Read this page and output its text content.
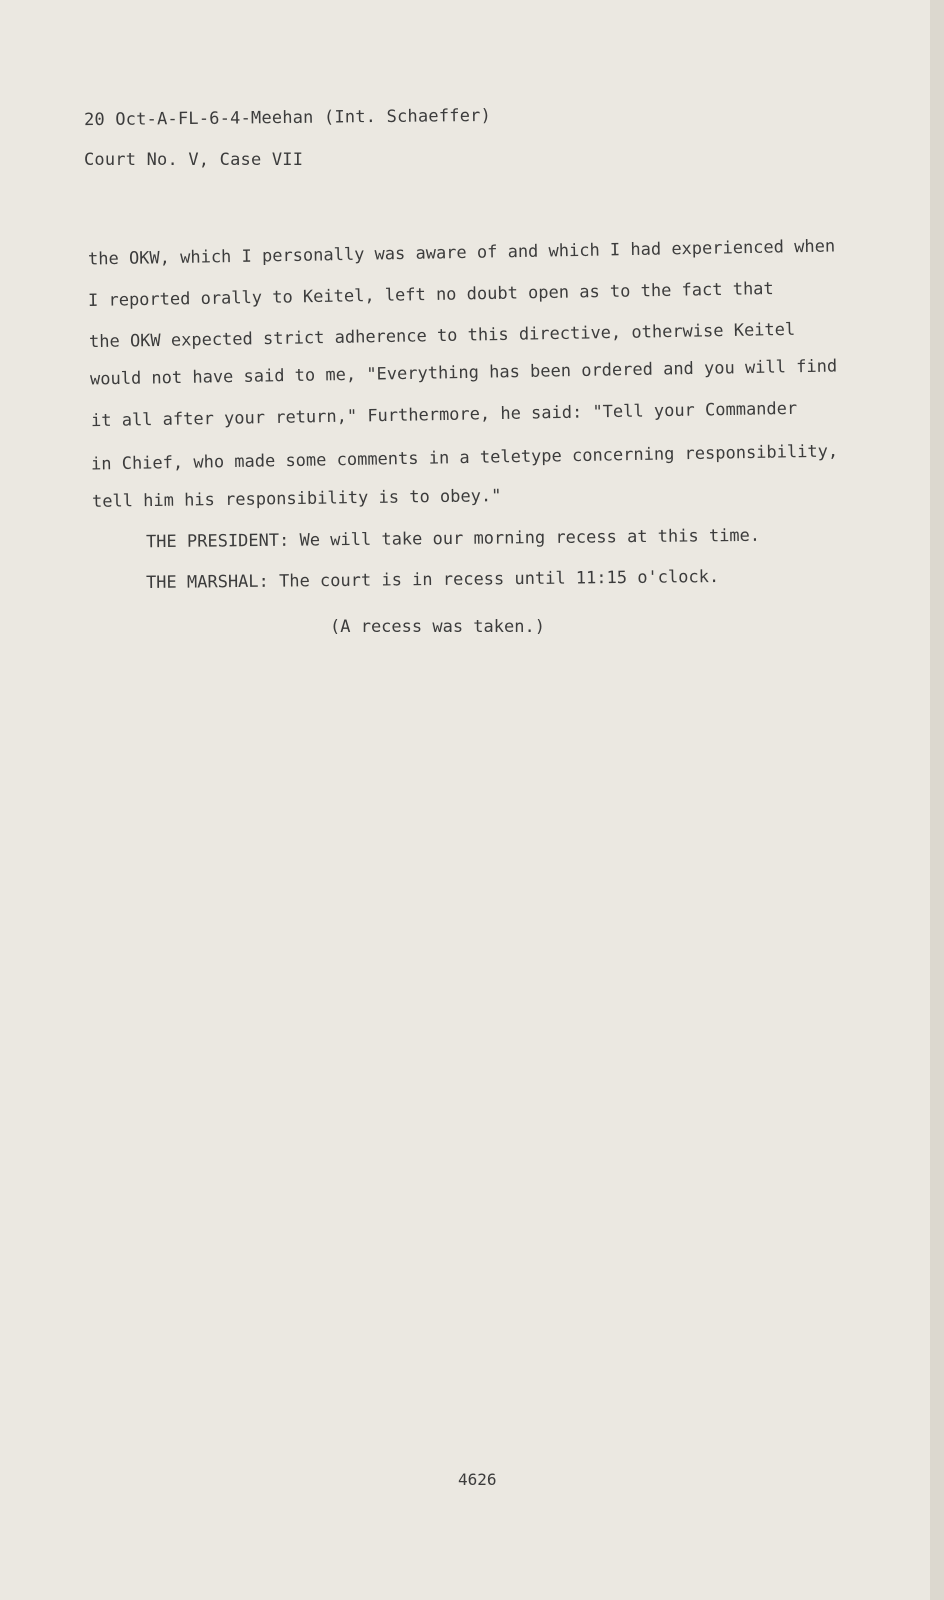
20 Oct-A-FL-6-4-Meehan (Int. Schaeffer)
Court No. V, Case VII
the OKW, which I personally was aware of and which I had experienced when
I reported orally to Keitel, left no doubt open as to the fact that
the OKW expected strict adherence to this directive, otherwise Keitel
would not have said to me, "Everything has been ordered and you will find
it all after your return," Furthermore, he said: "Tell your Commander
in Chief, who made some comments in a teletype concerning responsibility,
tell him his responsibility is to obey."
THE PRESIDENT: We will take our morning recess at this time.
THE MARSHAL: The court is in recess until 11:15 o'clock.
(A recess was taken.)
4626
